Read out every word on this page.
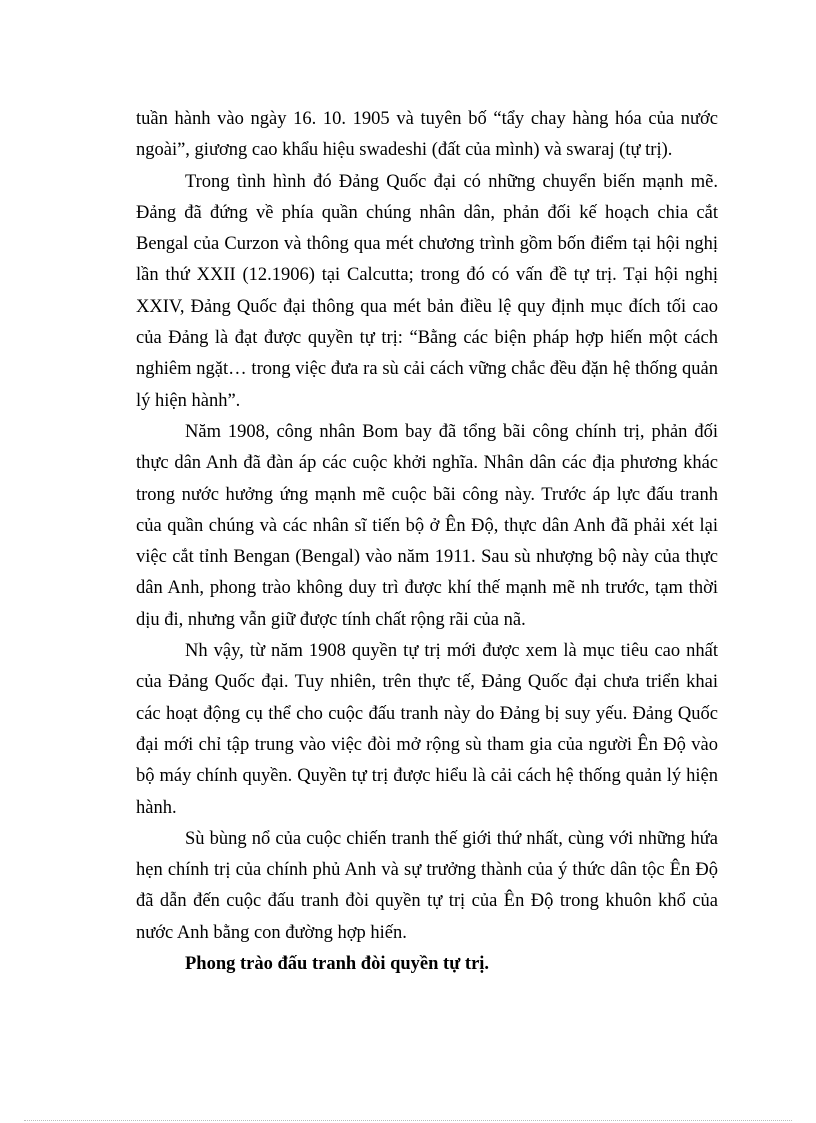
tuần hành vào ngày 16. 10. 1905 và tuyên bố “tẩy chay hàng hóa của nước ngoài”, giương cao khẩu hiệu swadeshi (đất của mình) và swaraj (tự trị).

Trong tình hình đó Đảng Quốc đại có những chuyển biến mạnh mẽ. Đảng đã đứng về phía quần chúng nhân dân, phản đối kế hoạch chia cắt Bengal của Curzon và thông qua mét chương trình gồm bốn điểm tại hội nghị lần thứ XXII (12.1906) tại Calcutta; trong đó có vấn đề tự trị. Tại hội nghị XXIV, Đảng Quốc đại thông qua mét bản điều lệ quy định mục đích tối cao của Đảng là đạt được quyền tự trị: “Bằng các biện pháp hợp hiến một cách nghiêm ngặt… trong việc đưa ra sù cải cách vững chắc đều đặn hệ thống quản lý hiện hành”.

Năm 1908, công nhân Bom bay đã tổng bãi công chính trị, phản đối thực dân Anh đã đàn áp các cuộc khởi nghĩa. Nhân dân các địa phương khác trong nước hưởng ứng mạnh mẽ cuộc bãi công này. Trước áp lực đấu tranh của quần chúng và các nhân sĩ tiến bộ ở Ên Độ, thực dân Anh đã phải xét lại việc cắt tỉnh Bengan (Bengal) vào năm 1911. Sau sù nhượng bộ này của thực dân Anh, phong trào không duy trì được khí thế mạnh mẽ nh trước, tạm thời dịu đi, nhưng vẫn giữ được tính chất rộng rãi của nã.

Nh vậy, từ năm 1908 quyền tự trị mới được xem là mục tiêu cao nhất của Đảng Quốc đại. Tuy nhiên, trên thực tế, Đảng Quốc đại chưa triển khai các hoạt động cụ thể cho cuộc đấu tranh này do Đảng bị suy yếu. Đảng Quốc đại mới chỉ tập trung vào việc đòi mở rộng sù tham gia của người Ên Độ vào bộ máy chính quyền. Quyền tự trị được hiểu là cải cách hệ thống quản lý hiện hành.

Sù bùng nổ của cuộc chiến tranh thế giới thứ nhất, cùng với những hứa hẹn chính trị của chính phủ Anh và sự trưởng thành của ý thức dân tộc Ên Độ đã dẫn đến cuộc đấu tranh đòi quyền tự trị của Ên Độ trong khuôn khổ của nước Anh bằng con đường hợp hiến.

Phong trào đấu tranh đòi quyền tự trị.
